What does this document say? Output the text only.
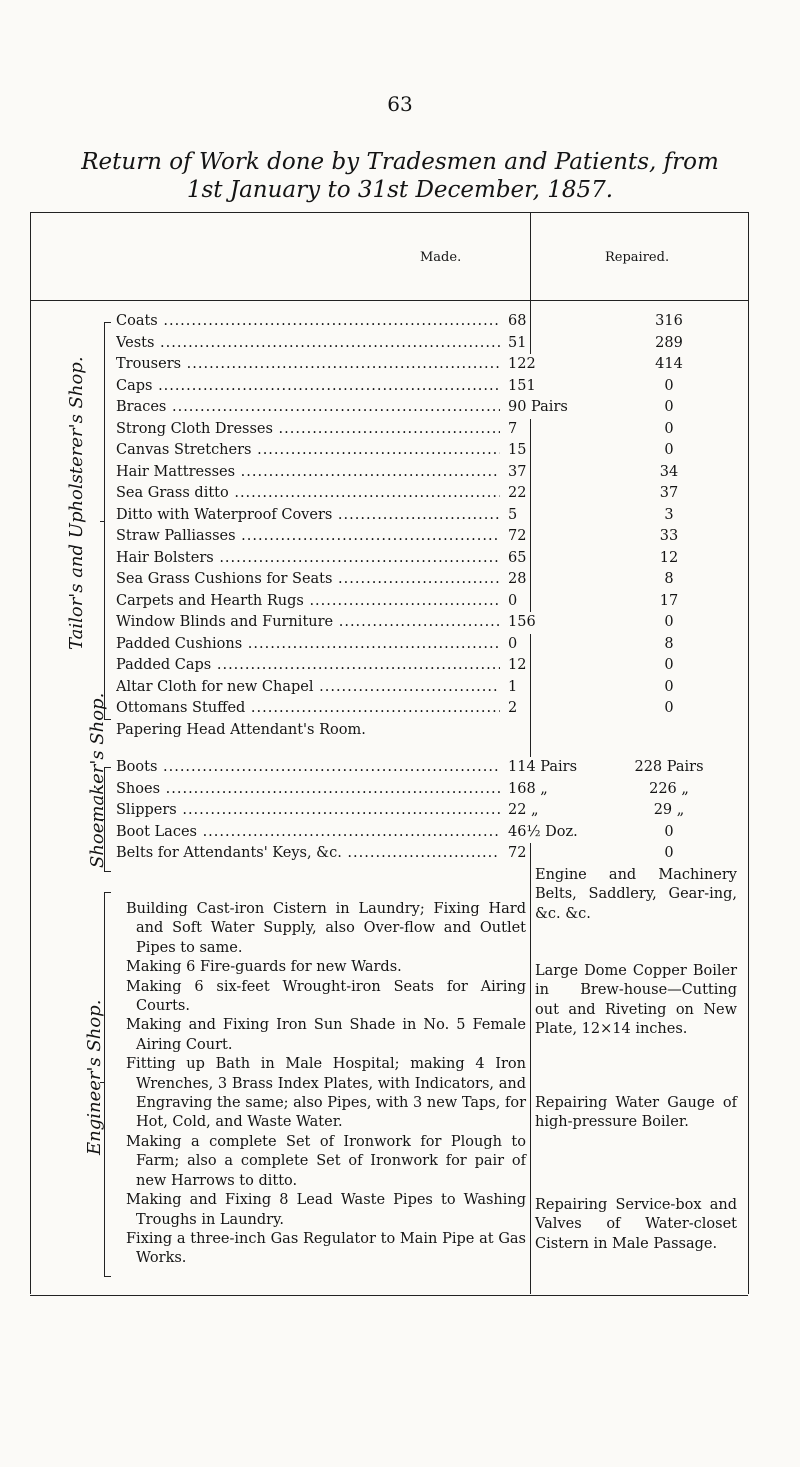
63
Return of Work done by Tradesmen and Patients, from
1st January to 31st December, 1857.
Made.	Repaired.
Tailor's and Upholsterer's Shop.
Coats .....	68	316
Vests .....	51	289
Trousers .....	122	414
Caps .....	151	0
Braces .....	90 Pairs	0
Strong Cloth Dresses .....	7	0
Canvas Stretchers .....	15	0
Hair Mattresses .....	37	34
Sea Grass ditto .....	22	37
Ditto with Waterproof Covers .....	5	3
Straw Palliasses .....	72	33
Hair Bolsters .....	65	12
Sea Grass Cushions for Seats .....	28	8
Carpets and Hearth Rugs .....	0	17
Window Blinds and Furniture .....	156	0
Padded Cushions .....	0	8
Padded Caps .....	12	0
Altar Cloth for new Chapel .....	1	0
Ottomans Stuffed .....	2	0
Papering Head Attendant's Room.
Shoemaker's Shop. Boots .....	114 Pairs	228 Pairs
Shoes .....	168 „	226 „
Slippers .....	22 „	29 „
Boot Laces .....	46½ Doz.	0
Belts for Attendants' Keys, &c. .....	72	0
Engineer's Shop.

Building Cast-iron Cistern in Laundry; Fixing Hard and Soft Water Supply, also Over-flow and Outlet Pipes to same.

Making 6 Fire-guards for new Wards.

Making 6 six-feet Wrought-iron Seats for Airing Courts.

Making and Fixing Iron Sun Shade in No. 5 Female Airing Court.

Fitting up Bath in Male Hospital; making 4 Iron Wrenches, 3 Brass Index Plates, with Indicators, and Engraving the same; also Pipes, with 3 new Taps, for Hot, Cold, and Waste Water.

Making a complete Set of Ironwork for Plough to Farm; also a complete Set of Ironwork for pair of new Harrows to ditto.

Making and Fixing 8 Lead Waste Pipes to Washing Troughs in Laundry.

Fixing a three-inch Gas Regulator to Main Pipe at Gas Works.

Engine and Machinery Belts, Saddlery, Gear-ing, &c. &c.

Large Dome Copper Boiler in Brew-house—Cutting out and Riveting on New Plate, 12×14 inches.

Repairing Water Gauge of high-pressure Boiler.

Repairing Service-box and Valves of Water-closet Cistern in Male Passage.
